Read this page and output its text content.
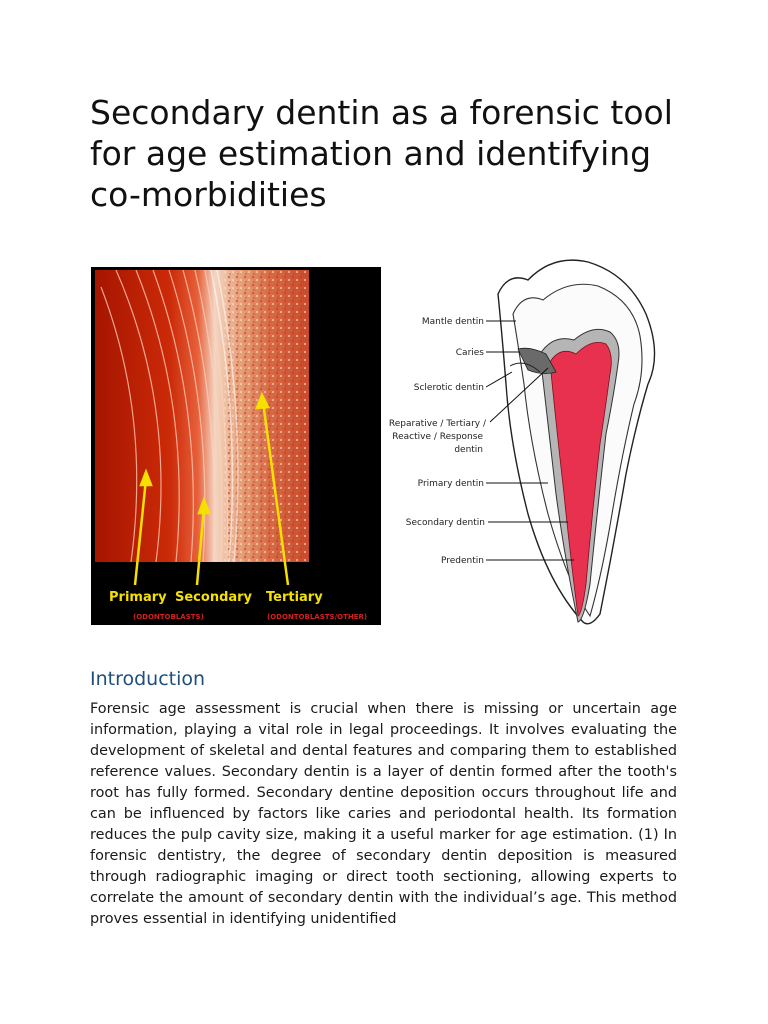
Secondary dentin as a forensic tool for age estimation and identifying co-morbidities
Primary Secondary Tertiary
(ODONTOBLASTS)	(ODONTOBLASTS/OTHER)
Mantle dentin
Caries
Sclerotic dentin
Reparative / Tertiary /
Reactive / Response
dentin
Primary dentin
Secondary dentin
Predentin
Introduction

Forensic age assessment is crucial when there is missing or uncertain age information, playing a vital role in legal proceedings. It involves evaluating the development of skeletal and dental features and comparing them to established reference values. Secondary dentin is a layer of dentin formed after the tooth's root has fully formed. Secondary dentine deposition occurs throughout life and can be influenced by factors like caries and periodontal health. Its formation reduces the pulp cavity size, making it a useful marker for age estimation. (1) In forensic dentistry, the degree of secondary dentin deposition is measured through radiographic imaging or direct tooth sectioning, allowing experts to correlate the amount of secondary dentin with the individual’s age. This method proves essential in identifying unidentified
